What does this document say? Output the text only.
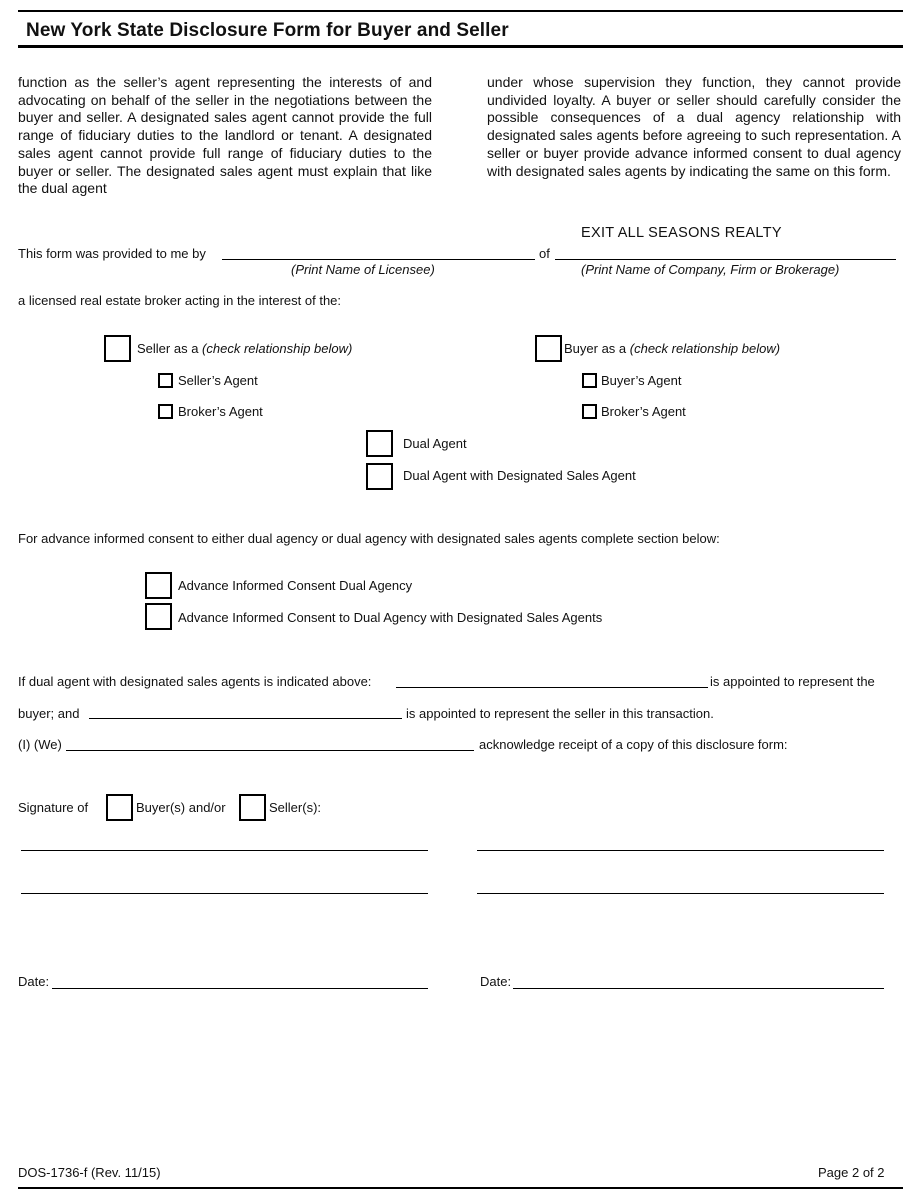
New York State Disclosure Form for Buyer and Seller

function as the seller’s agent representing the interests of and advocating on behalf of the seller in the negotiations between the buyer and seller. A designated sales agent cannot provide the full range of fiduciary duties to the landlord or tenant. A designated sales agent cannot provide full range of fiduciary duties to the buyer or seller. The designated sales agent must explain that like the dual agent

under whose supervision they function, they cannot provide undivided loyalty. A buyer or seller should carefully consider the possible consequences of a dual agency relationship with designated sales agents before agreeing to such representation. A seller or buyer provide advance informed consent to dual agency with designated sales agents by indicating the same on this form.

This form was provided to me by	of
EXIT ALL SEASONS REALTY
(Print Name of Licensee)	(Print Name of Company, Firm or Brokerage)
a licensed real estate broker acting in the interest of the:
Seller as a (check relationship below)	Buyer as a (check relationship below)
Seller’s Agent
Broker’s Agent
Buyer’s Agent
Broker’s Agent
Dual Agent
Dual Agent with Designated Sales Agent
For advance informed consent to either dual agency or dual agency with designated sales agents complete section below:
Advance Informed Consent Dual Agency
Advance Informed Consent to Dual Agency with Designated Sales Agents
If dual agent with designated sales agents is indicated above:	is appointed to represent the
buyer; and	is appointed to represent the seller in this transaction.
(I) (We)	acknowledge receipt of a copy of this disclosure form:
Signature of	Buyer(s) and/or	Seller(s):
Date:	Date:
DOS-1736-f (Rev. 11/15)	Page 2 of 2
